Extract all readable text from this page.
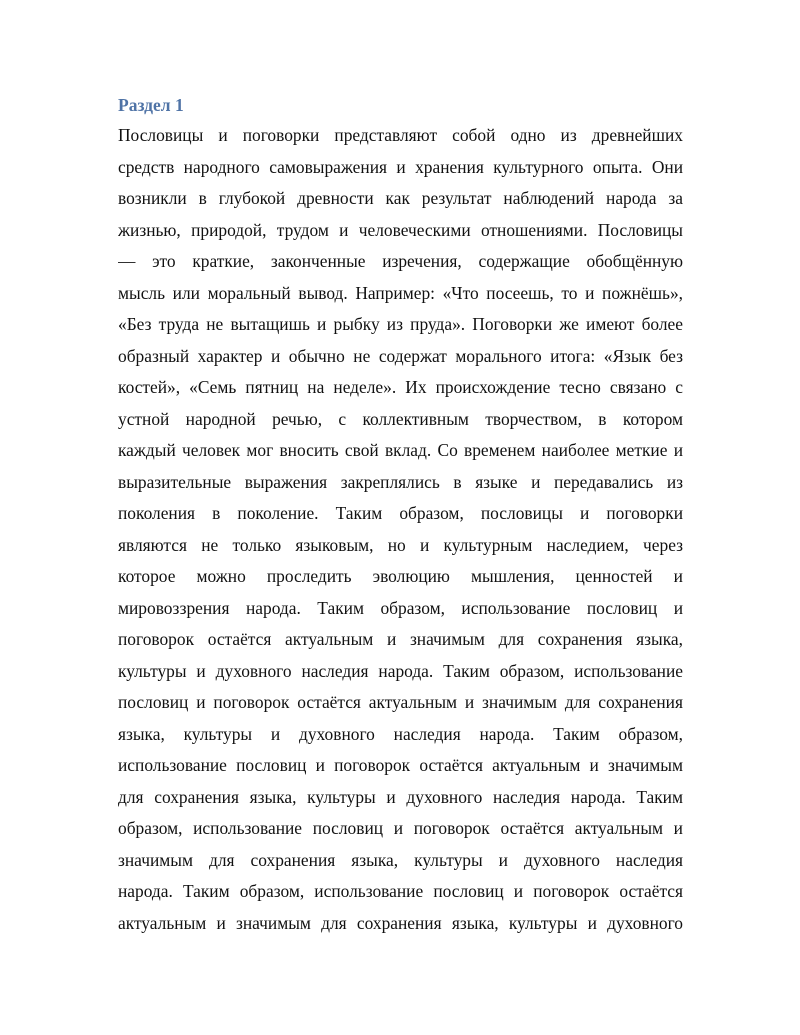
Раздел 1
Пословицы и поговорки представляют собой одно из древнейших
средств народного самовыражения и хранения культурного опыта. Они
возникли в глубокой древности как результат наблюдений народа за
жизнью, природой, трудом и человеческими отношениями. Пословицы
— это краткие, законченные изречения, содержащие обобщённую
мысль или моральный вывод. Например: «Что посеешь, то и пожнёшь»,
«Без труда не вытащишь и рыбку из пруда». Поговорки же имеют более
образный характер и обычно не содержат морального итога: «Язык без
костей», «Семь пятниц на неделе». Их происхождение тесно связано с
устной народной речью, с коллективным творчеством, в котором
каждый человек мог вносить свой вклад. Со временем наиболее меткие и
выразительные выражения закреплялись в языке и передавались из
поколения в поколение. Таким образом, пословицы и поговорки
являются не только языковым, но и культурным наследием, через
которое можно проследить эволюцию мышления, ценностей и
мировоззрения народа. Таким образом, использование пословиц и
поговорок остаётся актуальным и значимым для сохранения языка,
культуры и духовного наследия народа. Таким образом, использование
пословиц и поговорок остаётся актуальным и значимым для сохранения
языка, культуры и духовного наследия народа. Таким образом,
использование пословиц и поговорок остаётся актуальным и значимым
для сохранения языка, культуры и духовного наследия народа. Таким
образом, использование пословиц и поговорок остаётся актуальным и
значимым для сохранения языка, культуры и духовного наследия
народа. Таким образом, использование пословиц и поговорок остаётся
актуальным и значимым для сохранения языка, культуры и духовного
